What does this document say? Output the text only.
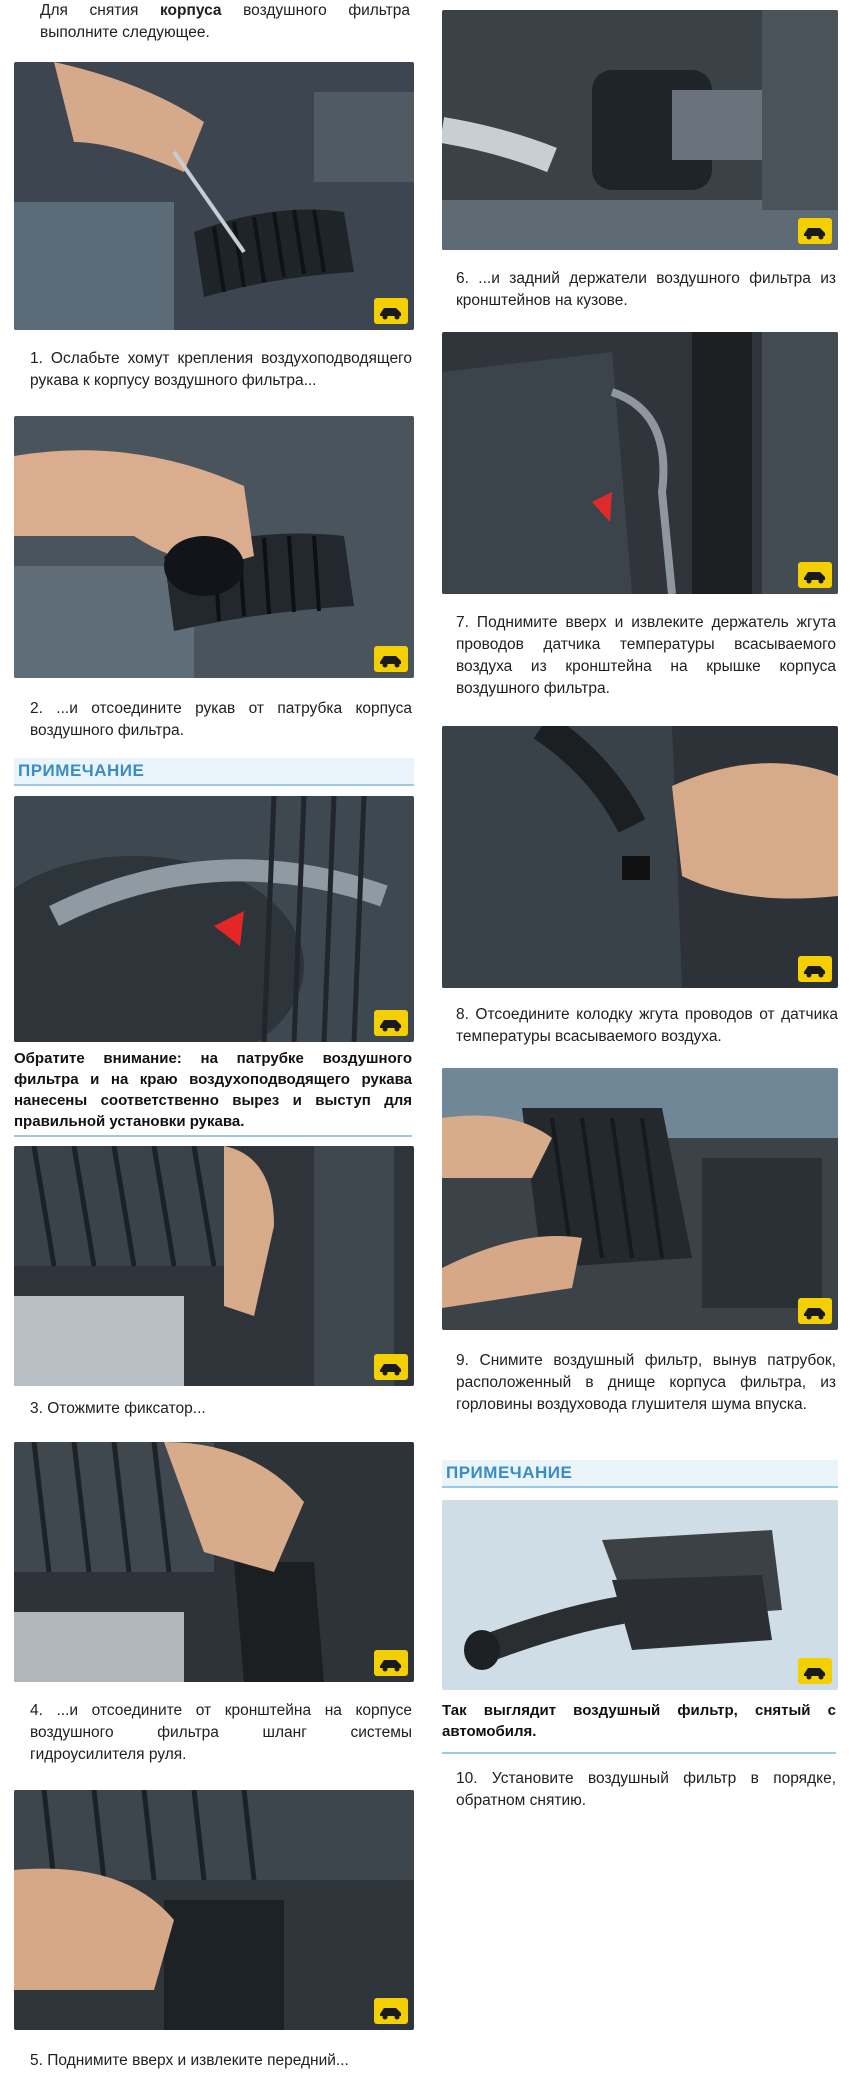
Для снятия корпуса воздушного фильтра выполните следующее.
1. Ослабьте хомут крепления воздухоподводящего рукава к корпусу воздушного фильтра...
2. ...и отсоедините рукав от патрубка корпуса воздушного фильтра.
ПРИМЕЧАНИЕ
Обратите внимание: на патрубке воздушного фильтра и на краю воздухоподводящего рукава нанесены соответственно вырез и выступ для правильной установки рукава.
3. Отожмите фиксатор...
4. ...и отсоедините от кронштейна на корпусе воздушного фильтра шланг системы гидроусилителя руля.
5. Поднимите вверх и извлеките передний...
6. ...и задний держатели воздушного фильтра из кронштейнов на кузове.
7. Поднимите вверх и извлеките держатель жгута проводов датчика температуры всасываемого воздуха из кронштейна на крышке корпуса воздушного фильтра.
8. Отсоедините колодку жгута проводов от датчика температуры всасываемого воздуха.
9. Снимите воздушный фильтр, вынув патрубок, расположенный в днище корпуса фильтра, из горловины воздуховода глушителя шума впуска.
ПРИМЕЧАНИЕ
Так выглядит воздушный фильтр, снятый с автомобиля.
10. Установите воздушный фильтр в порядке, обратном снятию.
